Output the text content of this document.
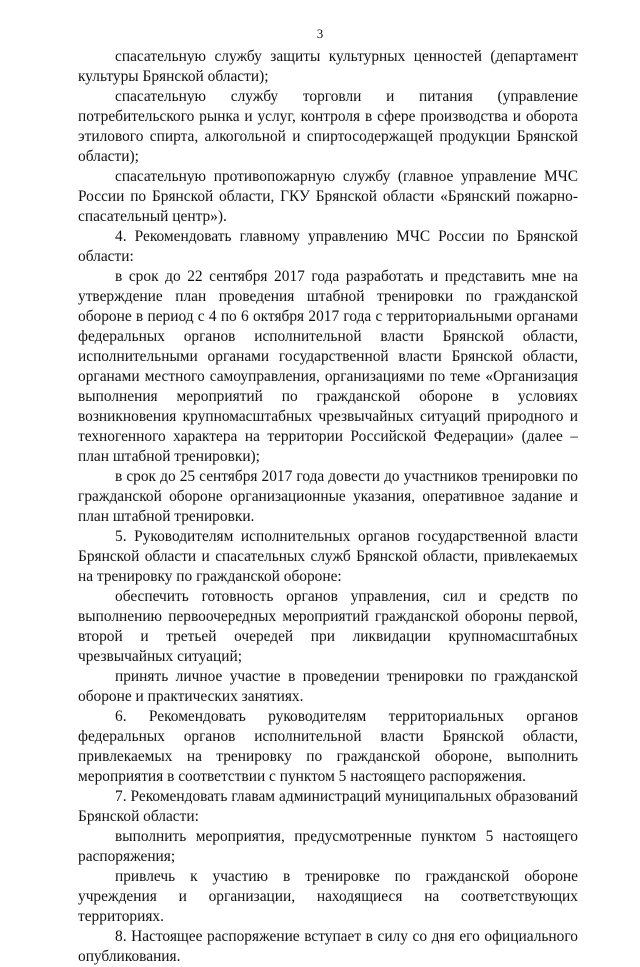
3

спасательную службу защиты культурных ценностей (департамент культуры Брянской области);

спасательную службу торговли и питания (управление потребительского рынка и услуг, контроля в сфере производства и оборота этилового спирта, алкогольной и спиртосодержащей продукции Брянской области);

спасательную противопожарную службу (главное управление МЧС России по Брянской области, ГКУ Брянской области «Брянский пожарно-спасательный центр»).

4. Рекомендовать главному управлению МЧС России по Брянской области:

в срок до 22 сентября 2017 года разработать и представить мне на утверждение план проведения штабной тренировки по гражданской обороне в период с 4 по 6 октября 2017 года с территориальными органами федеральных органов исполнительной власти Брянской области, исполнительными органами государственной власти Брянской области, органами местного самоуправления, организациями по теме «Организация выполнения мероприятий по гражданской обороне в условиях возникновения крупномасштабных чрезвычайных ситуаций природного и техногенного характера на территории Российской Федерации» (далее – план штабной тренировки);

в срок до 25 сентября 2017 года довести до участников тренировки по гражданской обороне организационные указания, оперативное задание и план штабной тренировки.

5. Руководителям исполнительных органов государственной власти Брянской области и спасательных служб Брянской области, привлекаемых на тренировку по гражданской обороне:

обеспечить готовность органов управления, сил и средств по выполнению первоочередных мероприятий гражданской обороны первой, второй и третьей очередей при ликвидации крупномасштабных чрезвычайных ситуаций;

принять личное участие в проведении тренировки по гражданской обороне и практических занятиях.

6. Рекомендовать руководителям территориальных органов федеральных органов исполнительной власти Брянской области, привлекаемых на тренировку по гражданской обороне, выполнить мероприятия в соответствии с пунктом 5 настоящего распоряжения.

7. Рекомендовать главам администраций муниципальных образований Брянской области:

выполнить мероприятия, предусмотренные пунктом 5 настоящего распоряжения;

привлечь к участию в тренировке по гражданской обороне учреждения и организации, находящиеся на соответствующих территориях.

8. Настоящее распоряжение вступает в силу со дня его официального опубликования.
